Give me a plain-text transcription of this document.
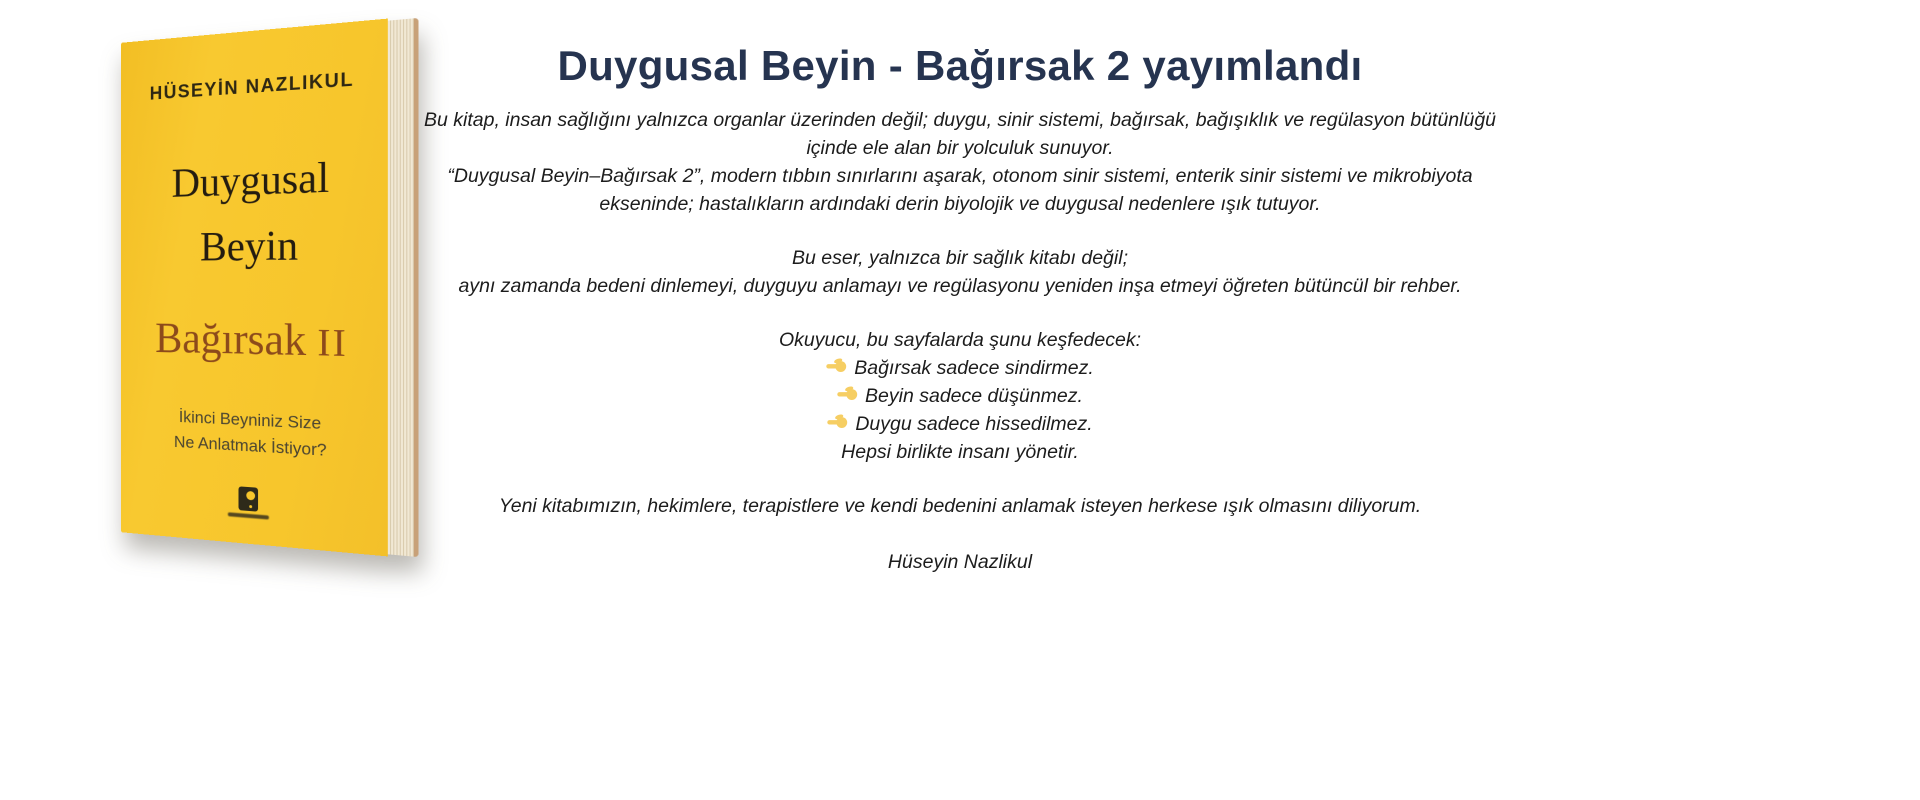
HÜSEYİN NAZLIKUL
Duygusal
Beyin
Bağırsak II
İkinci Beyniniz Size
Ne Anlatmak İstiyor?
Duygusal Beyin - Bağırsak 2 yayımlandı

Bu kitap, insan sağlığını yalnızca organlar üzerinden değil; duygu, sinir sistemi, bağırsak, bağışıklık ve regülasyon bütünlüğü

içinde ele alan bir yolculuk sunuyor.

“Duygusal Beyin–Bağırsak 2”, modern tıbbın sınırlarını aşarak, otonom sinir sistemi, enterik sinir sistemi ve mikrobiyota

ekseninde; hastalıkların ardındaki derin biyolojik ve duygusal nedenlere ışık tutuyor.

Bu eser, yalnızca bir sağlık kitabı değil;

aynı zamanda bedeni dinlemeyi, duyguyu anlamayı ve regülasyonu yeniden inşa etmeyi öğreten bütüncül bir rehber.

Okuyucu, bu sayfalarda şunu keşfedecek:

Bağırsak sadece sindirmez.
Beyin sadece düşünmez.
Duygu sadece hissedilmez.

Hepsi birlikte insanı yönetir.

Yeni kitabımızın, hekimlere, terapistlere ve kendi bedenini anlamak isteyen herkese ışık olmasını diliyorum.

Hüseyin Nazlikul
